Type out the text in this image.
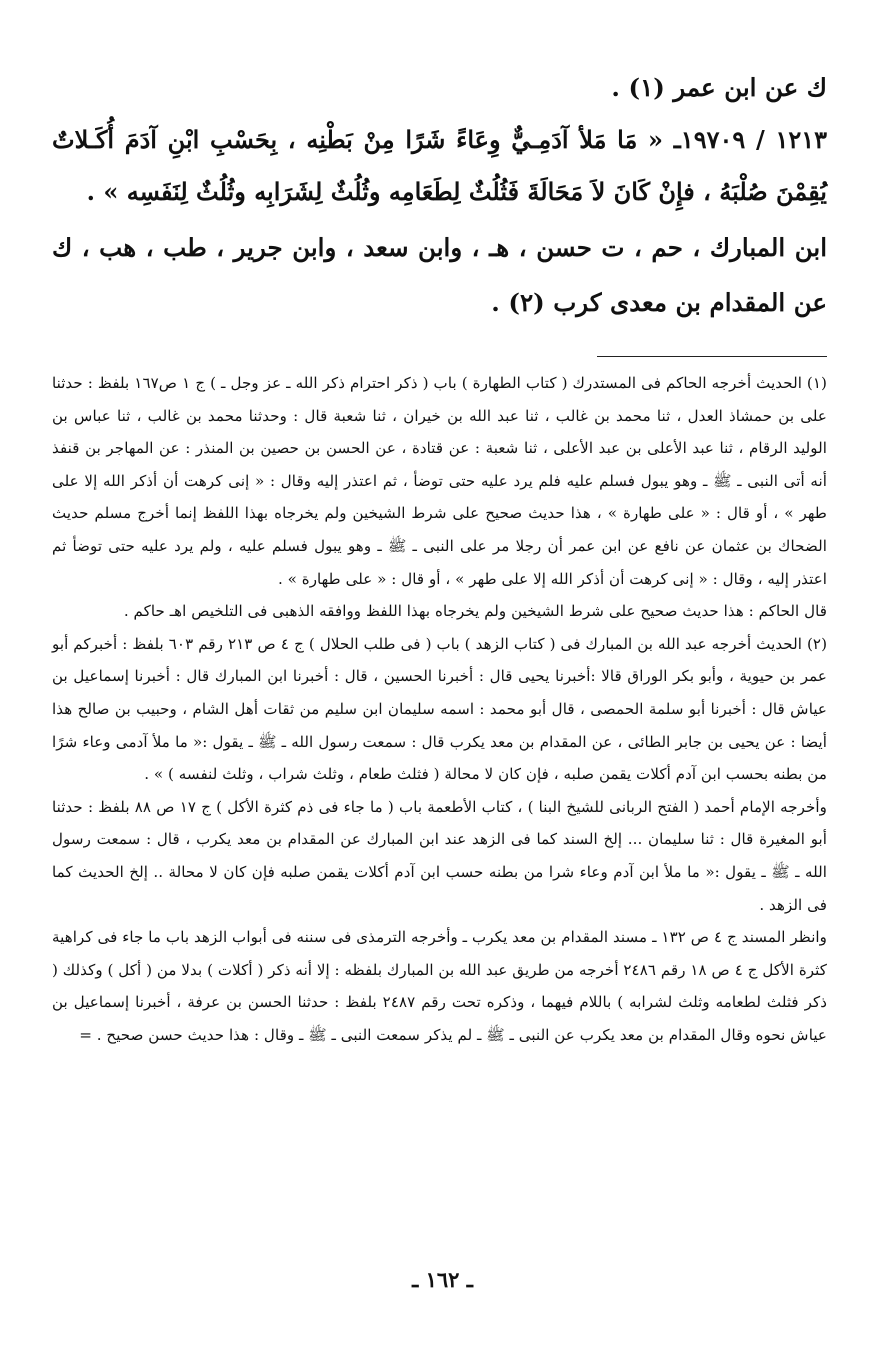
ك عن ابن عمر (١) .

١٢١٣ / ١٩٧٠٩ـ « مَا مَلأ آدَمِـيٌّ وِعَاءً شَرًا مِنْ بَطْنِه ، بِحَسْبِ ابْنِ آدَمَ أُكَـلاتٌ يُقِمْنَ صُلْبَهُ ، فإِنْ كَانَ لاَ مَحَالَةَ فَثُلُثٌ لِطَعَامِه وثُلُثٌ لِشَرَابِه وثُلُثٌ لِنَفَسِه » .

ابن المبارك ، حم ، ت حسن ، هـ ، وابن سعد ، وابن جرير ، طب ، هب ، ك عن المقدام بن معدى كرب (٢) .

(١) الحديث أخرجه الحاكم فى المستدرك ( كتاب الطهارة ) باب ( ذكر احترام ذكر الله ـ عز وجل ـ ) ج ١ ص١٦٧ بلفظ : حدثنا على بن حمشاذ العدل ، ثنا محمد بن غالب ، ثنا عبد الله بن خيران ، ثنا شعبة قال : وحدثنا محمد بن غالب ، ثنا عباس بن الوليد الرقام ، ثنا عبد الأعلى بن عبد الأعلى ، ثنا شعبة : عن قتادة ، عن الحسن بن حصين بن المنذر : عن المهاجر بن قنفذ أنه أتى النبى ـ ﷺ ـ وهو يبول فسلم عليه فلم يرد عليه حتى توضأ ، ثم اعتذر إليه وقال : « إنى كرهت أن أذكر الله إلا على طهر » ، أو قال : « على طهارة » ، هذا حديث صحيح على شرط الشيخين ولم يخرجاه بهذا اللفظ إنما أخرج مسلم حديث الضحاك بن عثمان عن نافع عن ابن عمر أن رجلا مر على النبى ـ ﷺ ـ وهو يبول فسلم عليه ، ولم يرد عليه حتى توضأ ثم اعتذر إليه ، وقال : « إنى كرهت أن أذكر الله إلا على طهر » ، أو قال : « على طهارة » .

قال الحاكم : هذا حديث صحيح على شرط الشيخين ولم يخرجاه بهذا اللفظ ووافقه الذهبى فى التلخيص اهـ حاكم .

(٢) الحديث أخرجه عبد الله بن المبارك فى ( كتاب الزهد ) باب ( فى طلب الحلال ) ج ٤ ص ٢١٣ رقم ٦٠٣ بلفظ : أخبركم أبو عمر بن حيوية ، وأبو بكر الوراق قالا :أخبرنا يحيى قال : أخبرنا الحسين ، قال : أخبرنا ابن المبارك قال : أخبرنا إسماعيل بن عياش قال : أخبرنا أبو سلمة الحمصى ، قال أبو محمد : اسمه سليمان ابن سليم من ثقات أهل الشام ، وحبيب بن صالح هذا أيضا : عن يحيى بن جابر الطائى ، عن المقدام بن معد يكرب قال : سمعت رسول الله ـ ﷺ ـ يقول :« ما ملأ آدمى وعاء شرًا من بطنه بحسب ابن آدم أكلات يقمن صلبه ، فإن كان لا محالة ( فثلث طعام ، وثلث شراب ، وثلث لنفسه ) » .

وأخرجه الإمام أحمد ( الفتح الربانى للشيخ البنا ) ، كتاب الأطعمة باب ( ما جاء فى ذم كثرة الأكل ) ج ١٧ ص ٨٨ بلفظ : حدثنا أبو المغيرة قال : ثنا سليمان ... إلخ السند كما فى الزهد عند ابن المبارك عن المقدام بن معد يكرب ، قال : سمعت رسول الله ـ ﷺ ـ يقول :« ما ملأ ابن آدم وعاء شرا من بطنه حسب ابن آدم أكلات يقمن صلبه فإن كان لا محالة .. إلخ الحديث كما فى الزهد .

وانظر المسند ج ٤ ص ١٣٢ ـ مسند المقدام بن معد يكرب ـ وأخرجه الترمذى فى سننه فى أبواب الزهد باب ما جاء فى كراهية كثرة الأكل ج ٤ ص ١٨ رقم ٢٤٨٦ أخرجه من طريق عبد الله بن المبارك بلفظه : إلا أنه ذكر ( أكلات ) بدلا من ( أكل ) وكذلك ( ذكر فثلث لطعامه وثلث لشرابه ) باللام فيهما ، وذكره تحت رقم ٢٤٨٧ بلفظ : حدثنا الحسن بن عرفة ، أخبرنا إسماعيل بن عياش نحوه وقال المقدام بن معد يكرب عن النبى ـ ﷺ ـ لم يذكر سمعت النبى ـ ﷺ ـ وقال : هذا حديث حسن صحيح . =

ـ ١٦٢ ـ
